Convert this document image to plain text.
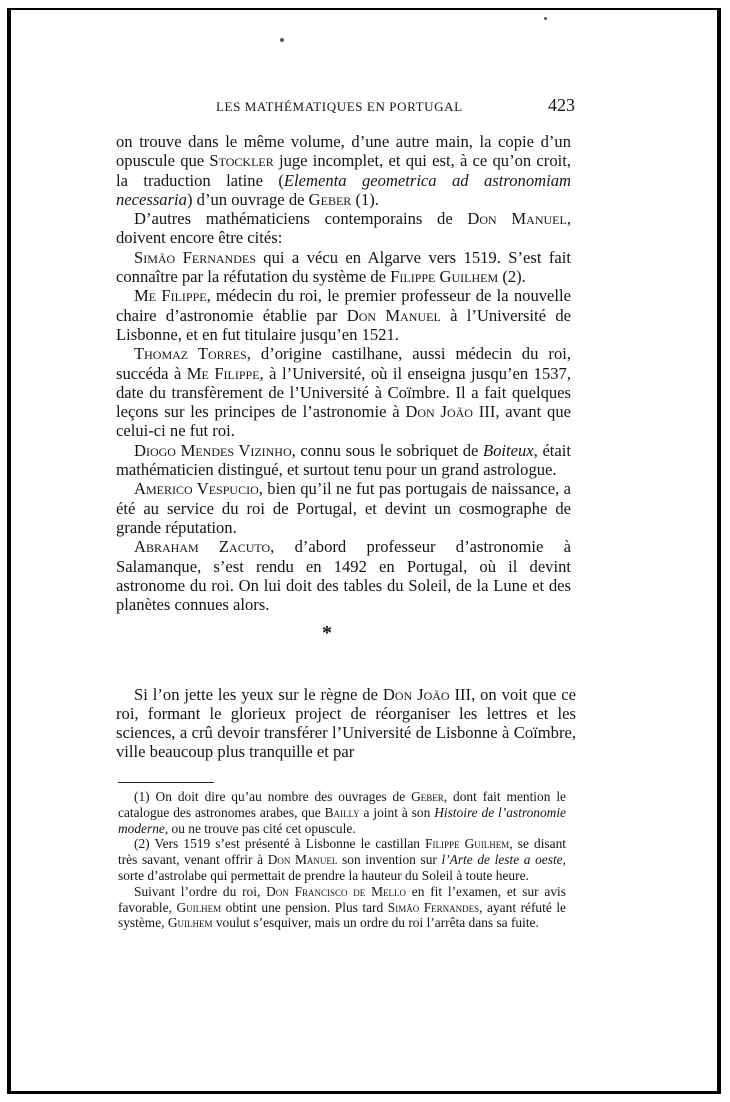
LES MATHÉMATIQUES EN PORTUGAL	423

on trouve dans le même volume, d’une autre main, la copie d’un opuscule que Stockler juge incomplet, et qui est, à ce qu’on croit, la traduction latine (Elementa geometrica ad astronomiam necessaria) d’un ouvrage de Geber (1).

D’autres mathématiciens contemporains de Don Manuel, doivent encore être cités:

Simão Fernandes qui a vécu en Algarve vers 1519. S’est fait connaître par la réfutation du système de Filippe Guilhem (2).

Me Filippe, médecin du roi, le premier professeur de la nouvelle chaire d’astronomie établie par Don Manuel à l’Université de Lisbonne, et en fut titulaire jusqu’en 1521.

Thomaz Torres, d’origine castilhane, aussi médecin du roi, succéda à Me Filippe, à l’Université, où il enseigna jusqu’en 1537, date du transfèrement de l’Université à Coïmbre. Il a fait quelques leçons sur les principes de l’astronomie à Don João III, avant que celui-ci ne fut roi.

Diogo Mendes Vizinho, connu sous le sobriquet de Boiteux, était mathématicien distingué, et surtout tenu pour un grand astrologue.

Americo Vespucio, bien qu’il ne fut pas portugais de naissance, a été au service du roi de Portugal, et devint un cosmographe de grande réputation.

Abraham Zacuto, d’abord professeur d’astronomie à Salamanque, s’est rendu en 1492 en Portugal, où il devint astronome du roi. On lui doit des tables du Soleil, de la Lune et des planètes connues alors.

*

Si l’on jette les yeux sur le règne de Don João III, on voit que ce roi, formant le glorieux project de réorganiser les lettres et les sciences, a crû devoir transférer l’Université de Lisbonne à Coïmbre, ville beaucoup plus tranquille et par

(1) On doit dire qu’au nombre des ouvrages de Geber, dont fait mention le catalogue des astronomes arabes, que Bailly a joint à son Histoire de l’astronomie moderne, ou ne trouve pas cité cet opuscule.

(2) Vers 1519 s’est présenté à Lisbonne le castillan Filippe Guilhem, se disant très savant, venant offrir à Don Manuel son invention sur l’Arte de leste a oeste, sorte d’astrolabe qui permettait de prendre la hauteur du Soleil à toute heure.

Suivant l’ordre du roi, Don Francisco de Mello en fit l’examen, et sur avis favorable, Guilhem obtint une pension. Plus tard Simão Fernandes, ayant réfuté le système, Guilhem voulut s’esquiver, mais un ordre du roi l’arrêta dans sa fuite.
